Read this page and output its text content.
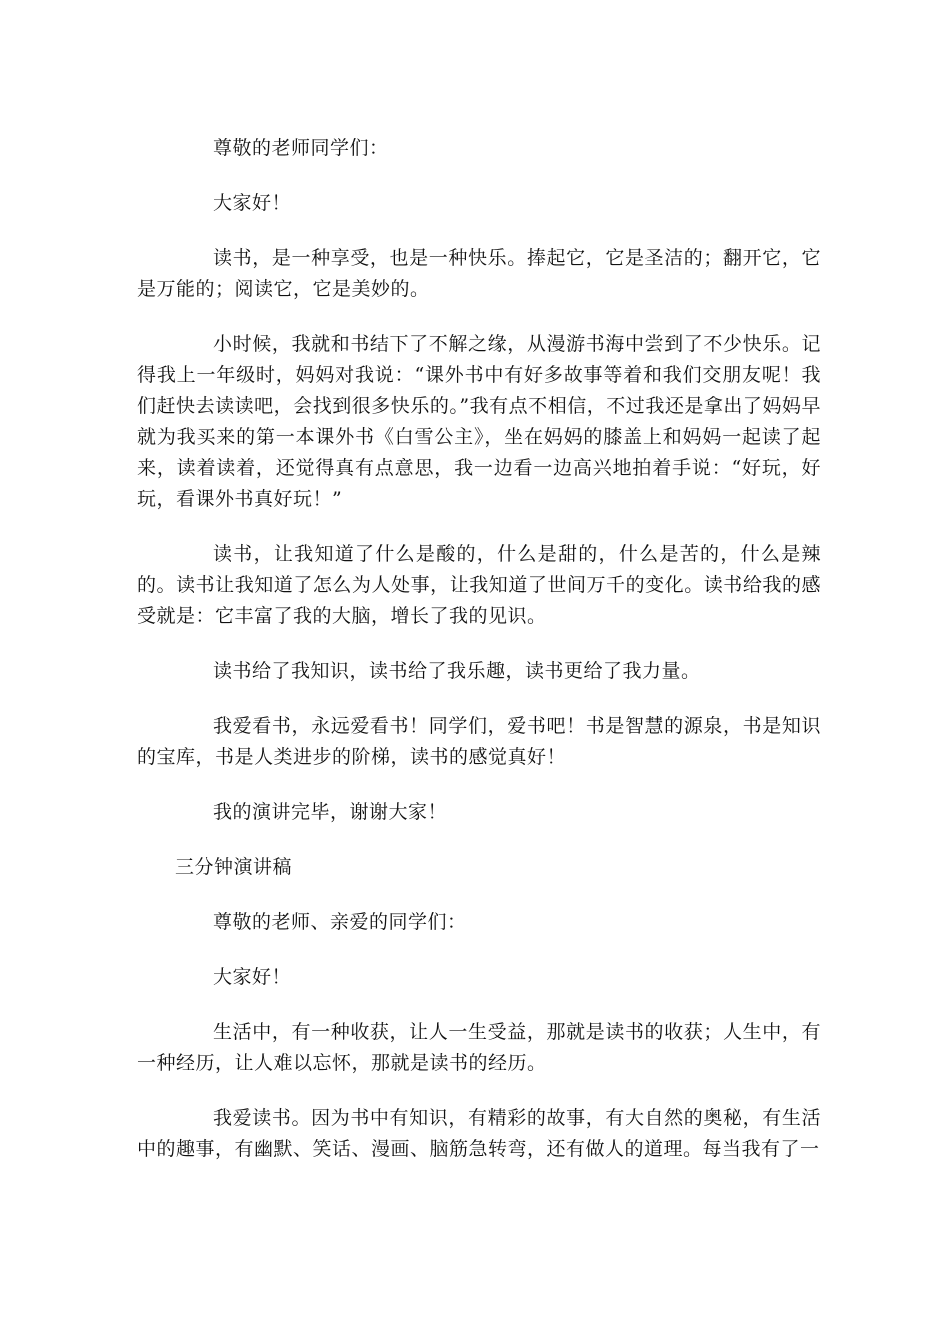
尊敬的老师同学们：

大家好！

读书，是一种享受，也是一种快乐。捧起它，它是圣洁的；翻开它，它是万能的；阅读它，它是美妙的。

小时候，我就和书结下了不解之缘，从漫游书海中尝到了不少快乐。记得我上一年级时，妈妈对我说：“课外书中有好多故事等着和我们交朋友呢！我们赶快去读读吧，会找到很多快乐的。”我有点不相信，不过我还是拿出了妈妈早就为我买来的第一本课外书《白雪公主》，坐在妈妈的膝盖上和妈妈一起读了起来，读着读着，还觉得真有点意思，我一边看一边高兴地拍着手说：“好玩，好玩，看课外书真好玩！”

读书，让我知道了什么是酸的，什么是甜的，什么是苦的，什么是辣的。读书让我知道了怎么为人处事，让我知道了世间万千的变化。读书给我的感受就是：它丰富了我的大脑，增长了我的见识。

读书给了我知识，读书给了我乐趣，读书更给了我力量。

我爱看书，永远爱看书！同学们，爱书吧！书是智慧的源泉，书是知识的宝库，书是人类进步的阶梯，读书的感觉真好！

我的演讲完毕，谢谢大家！

三分钟演讲稿

尊敬的老师、亲爱的同学们：

大家好！

生活中，有一种收获，让人一生受益，那就是读书的收获；人生中，有一种经历，让人难以忘怀，那就是读书的经历。

我爱读书。因为书中有知识，有精彩的故事，有大自然的奥秘，有生活中的趣事，有幽默、笑话、漫画、脑筋急转弯，还有做人的道理。每当我有了一
